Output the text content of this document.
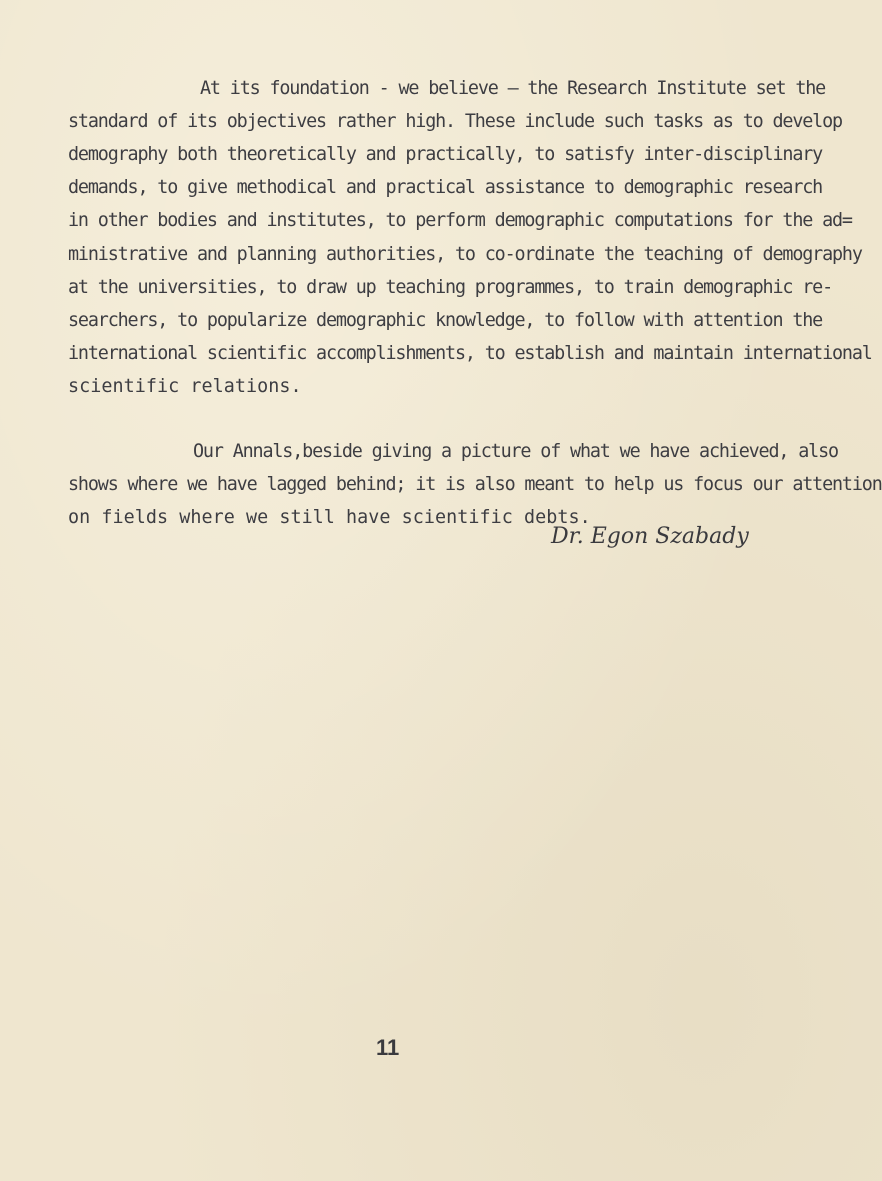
At its foundation - we believe — the Research Institute set the
standard of its objectives rather high. These include such tasks as to develop
demography both theoretically and practically, to satisfy inter-disciplinary
demands, to give methodical and practical assistance to demographic research
in other bodies and institutes, to perform demographic computations for the ad=
ministrative and planning authorities, to co-ordinate the teaching of demography
at the universities, to draw up teaching programmes, to train demographic re-
searchers, to popularize demographic knowledge, to follow with attention the
international scientific accomplishments, to establish and maintain international
scientific relations.
Our Annals,beside giving a picture of what we have achieved, also
shows where we have lagged behind; it is also meant to help us focus our attention
on fields where we still have scientific debts.
Dr. Egon Szabady
11
